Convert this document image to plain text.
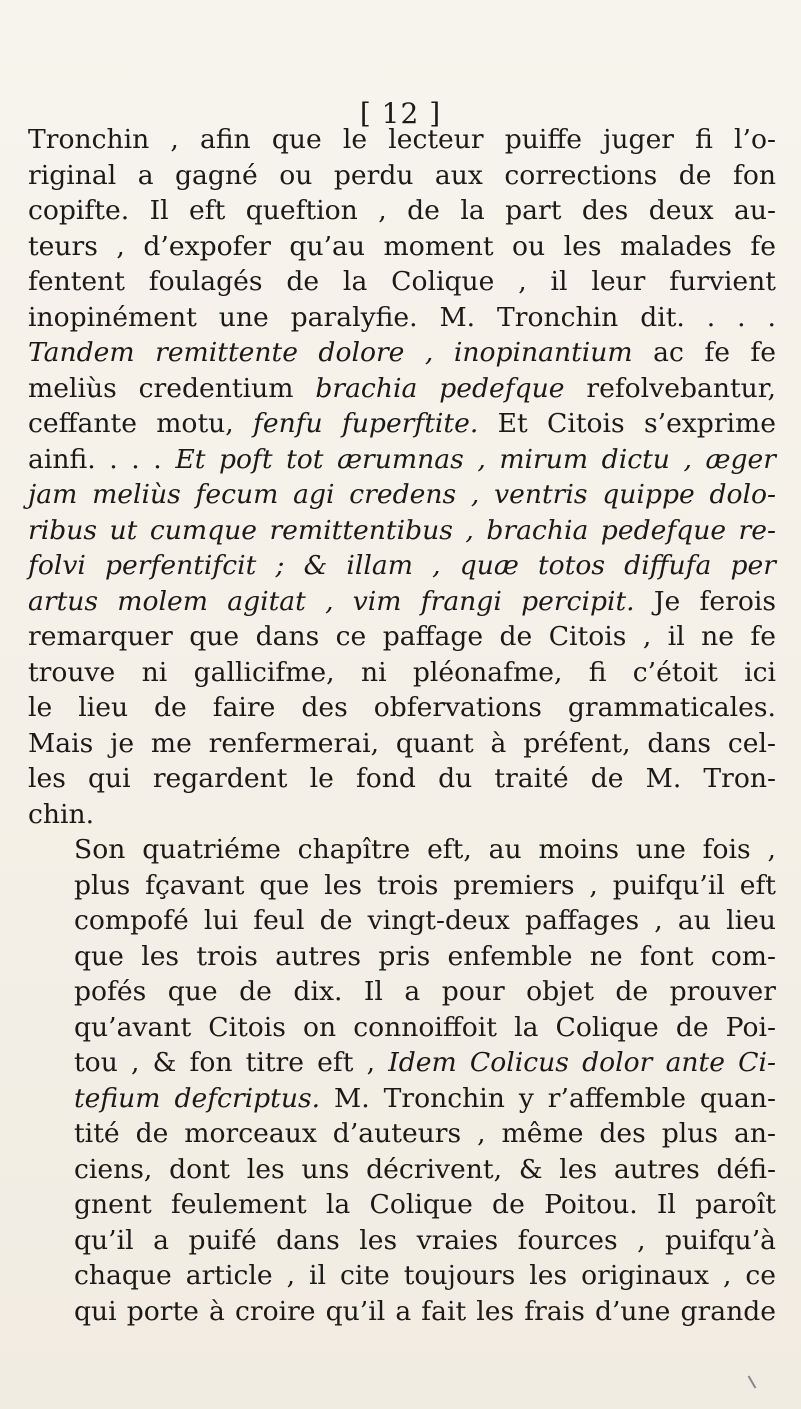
[ 12 ]
Tronchin , afin que le lecteur puiffe juger fi l’o-
riginal a gagné ou perdu aux corrections de fon
copifte. Il eft queftion , de la part des deux au-
teurs , d’expofer qu’au moment ou les malades fe
fentent foulagés de la Colique , il leur furvient
inopinément une paralyfie. M. Tronchin dit. . . .
Tandem remittente dolore , inopinantium ac fe fe
meliùs credentium brachia pedefque refolvebantur,
ceffante motu, fenfu fuperftite. Et Citois s’exprime
ainfi. . . . Et poft tot ærumnas , mirum dictu , æger
jam meliùs fecum agi credens , ventris quippe dolo-
ribus ut cumque remittentibus , brachia pedefque re-
folvi perfentifcit ; & illam , quæ totos diffufa per
artus molem agitat , vim frangi percipit. Je ferois
remarquer que dans ce paffage de Citois , il ne fe
trouve ni gallicifme, ni pléonafme, fi c’étoit ici
le lieu de faire des obfervations grammaticales.
Mais je me renfermerai, quant à préfent, dans cel-
les qui regardent le fond du traité de M. Tron-
chin.
Son quatriéme chapître eft, au moins une fois ,
plus fçavant que les trois premiers , puifqu’il eft
compofé lui feul de vingt-deux paffages , au lieu
que les trois autres pris enfemble ne font com-
pofés que de dix. Il a pour objet de prouver
qu’avant Citois on connoiffoit la Colique de Poi-
tou , & fon titre eft , Idem Colicus dolor ante Ci-
tefium defcriptus. M. Tronchin y r’affemble quan-
tité de morceaux d’auteurs , même des plus an-
ciens, dont les uns décrivent, & les autres défi-
gnent feulement la Colique de Poitou. Il paroît
qu’il a puifé dans les vraies fources , puifqu’à
chaque article , il cite toujours les originaux , ce
qui porte à croire qu’il a fait les frais d’une grande
